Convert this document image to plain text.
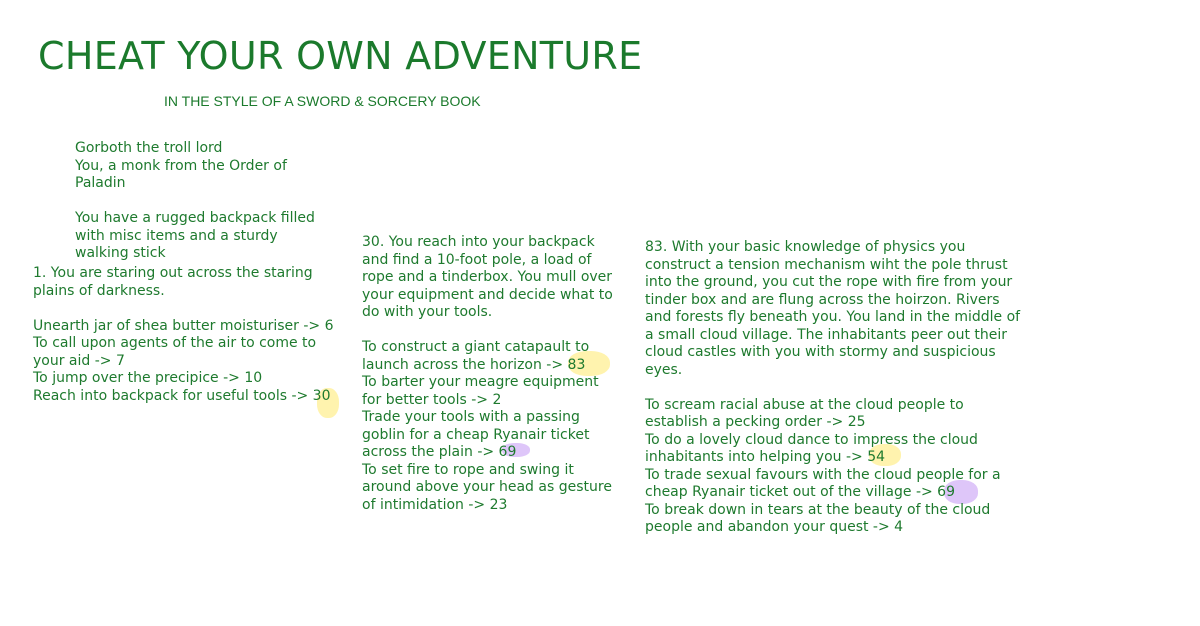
CHEAT YOUR OWN ADVENTURE
IN THE STYLE OF A SWORD & SORCERY BOOK
Gorboth the troll lord
You, a monk from the Order of
Paladin
You have a rugged backpack filled
with misc items and a sturdy
walking stick
1. You are staring out across the staring
plains of darkness.
Unearth jar of shea butter moisturiser -> 6
To call upon agents of the air to come to
your aid -> 7
To jump over the precipice -> 10
Reach into backpack for useful tools -> 30
30. You reach into your backpack
and find a 10-foot pole, a load of
rope and a tinderbox. You mull over
your equipment and decide what to
do with your tools.
To construct a giant catapault to
launch across the horizon -> 83
To barter your meagre equipment
for better tools -> 2
Trade your tools with a passing
goblin for a cheap Ryanair ticket
across the plain -> 69
To set fire to rope and swing it
around above your head as gesture
of intimidation -> 23
83. With your basic knowledge of physics you
construct a tension mechanism wiht the pole thrust
into the ground, you cut the rope with fire from your
tinder box and are flung across the hoirzon. Rivers
and forests fly beneath you. You land in the middle of
a small cloud village. The inhabitants peer out their
cloud castles with you with stormy and suspicious
eyes.
To scream racial abuse at the cloud people to
establish a pecking order -> 25
To do a lovely cloud dance to impress the cloud
inhabitants into helping you -> 54
To trade sexual favours with the cloud people for a
cheap Ryanair ticket out of the village -> 69
To break down in tears at the beauty of the cloud
people and abandon your quest -> 4
